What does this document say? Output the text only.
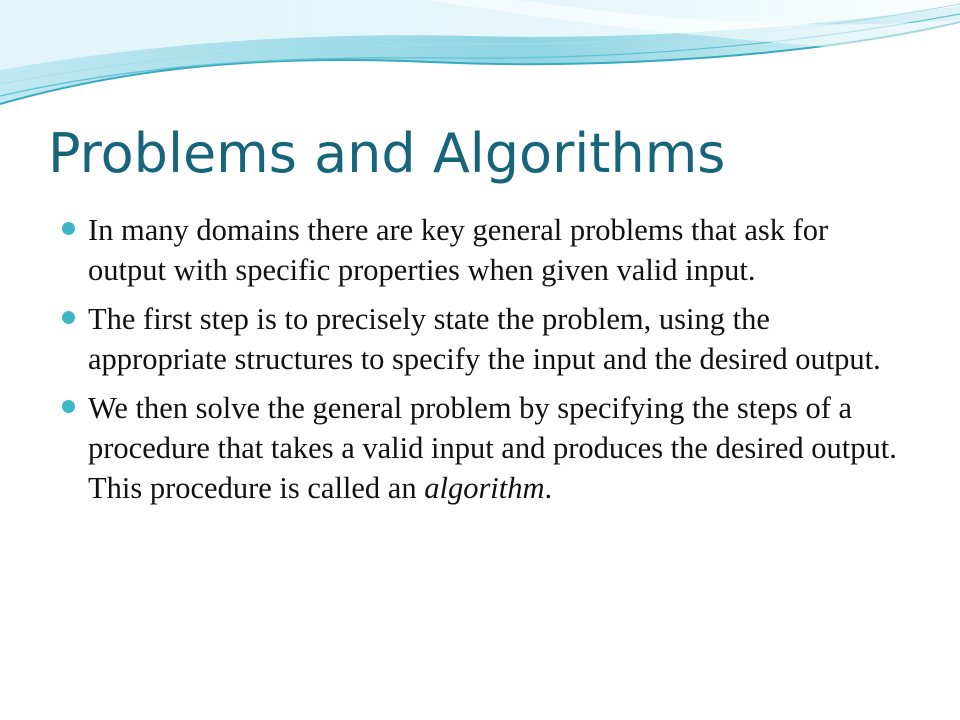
Problems and Algorithms
In many domains there are key general problems that ask for output with specific properties when given valid input.
The first step is to precisely state the problem, using the appropriate structures to specify the input and the desired output.
We then solve the general problem by specifying the steps of a procedure that takes a valid input and produces the desired output. This procedure is called an algorithm.
